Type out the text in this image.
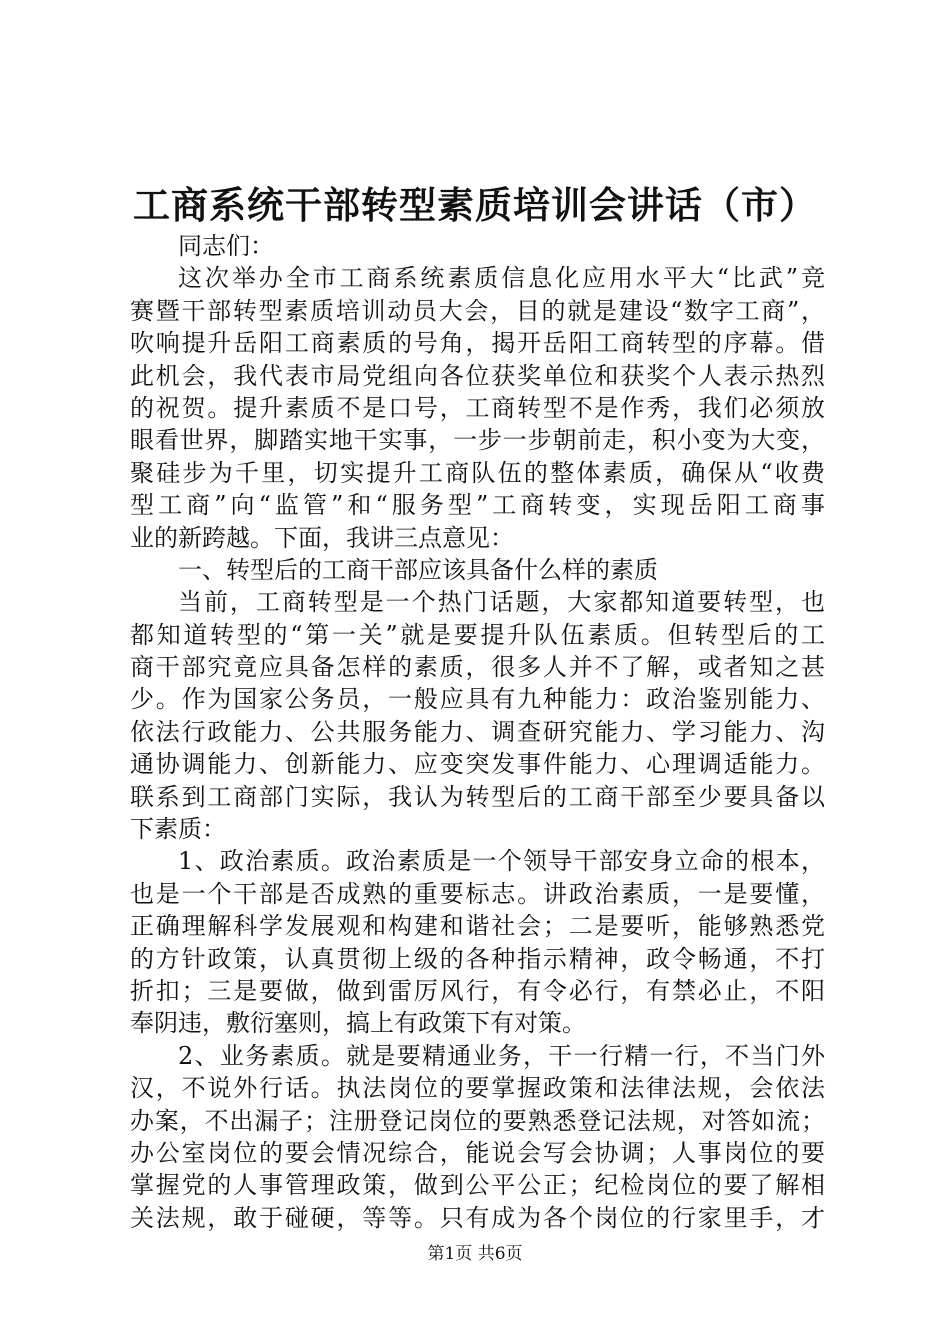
工商系统干部转型素质培训会讲话（市）
同志们：
这次举办全市工商系统素质信息化应用水平大“比武”竞
赛暨干部转型素质培训动员大会，目的就是建设“数字工商”，
吹响提升岳阳工商素质的号角，揭开岳阳工商转型的序幕。借
此机会，我代表市局党组向各位获奖单位和获奖个人表示热烈
的祝贺。提升素质不是口号，工商转型不是作秀，我们必须放
眼看世界，脚踏实地干实事，一步一步朝前走，积小变为大变，
聚硅步为千里，切实提升工商队伍的整体素质，确保从“收费
型工商”向“监管”和“服务型”工商转变，实现岳阳工商事
业的新跨越。下面，我讲三点意见：
一、转型后的工商干部应该具备什么样的素质
当前，工商转型是一个热门话题，大家都知道要转型，也
都知道转型的“第一关”就是要提升队伍素质。但转型后的工
商干部究竟应具备怎样的素质，很多人并不了解，或者知之甚
少。作为国家公务员，一般应具有九种能力：政治鉴别能力、
依法行政能力、公共服务能力、调查研究能力、学习能力、沟
通协调能力、创新能力、应变突发事件能力、心理调适能力。
联系到工商部门实际，我认为转型后的工商干部至少要具备以
下素质：
1、政治素质。政治素质是一个领导干部安身立命的根本，
也是一个干部是否成熟的重要标志。讲政治素质，一是要懂，
正确理解科学发展观和构建和谐社会；二是要听，能够熟悉党
的方针政策，认真贯彻上级的各种指示精神，政令畅通，不打
折扣；三是要做，做到雷厉风行，有令必行，有禁必止，不阳
奉阴违，敷衍塞则，搞上有政策下有对策。
2、业务素质。就是要精通业务，干一行精一行，不当门外
汉，不说外行话。执法岗位的要掌握政策和法律法规，会依法
办案，不出漏子；注册登记岗位的要熟悉登记法规，对答如流；
办公室岗位的要会情况综合，能说会写会协调；人事岗位的要
掌握党的人事管理政策，做到公平公正；纪检岗位的要了解相
关法规，敢于碰硬，等等。只有成为各个岗位的行家里手，才
第1页 共6页
